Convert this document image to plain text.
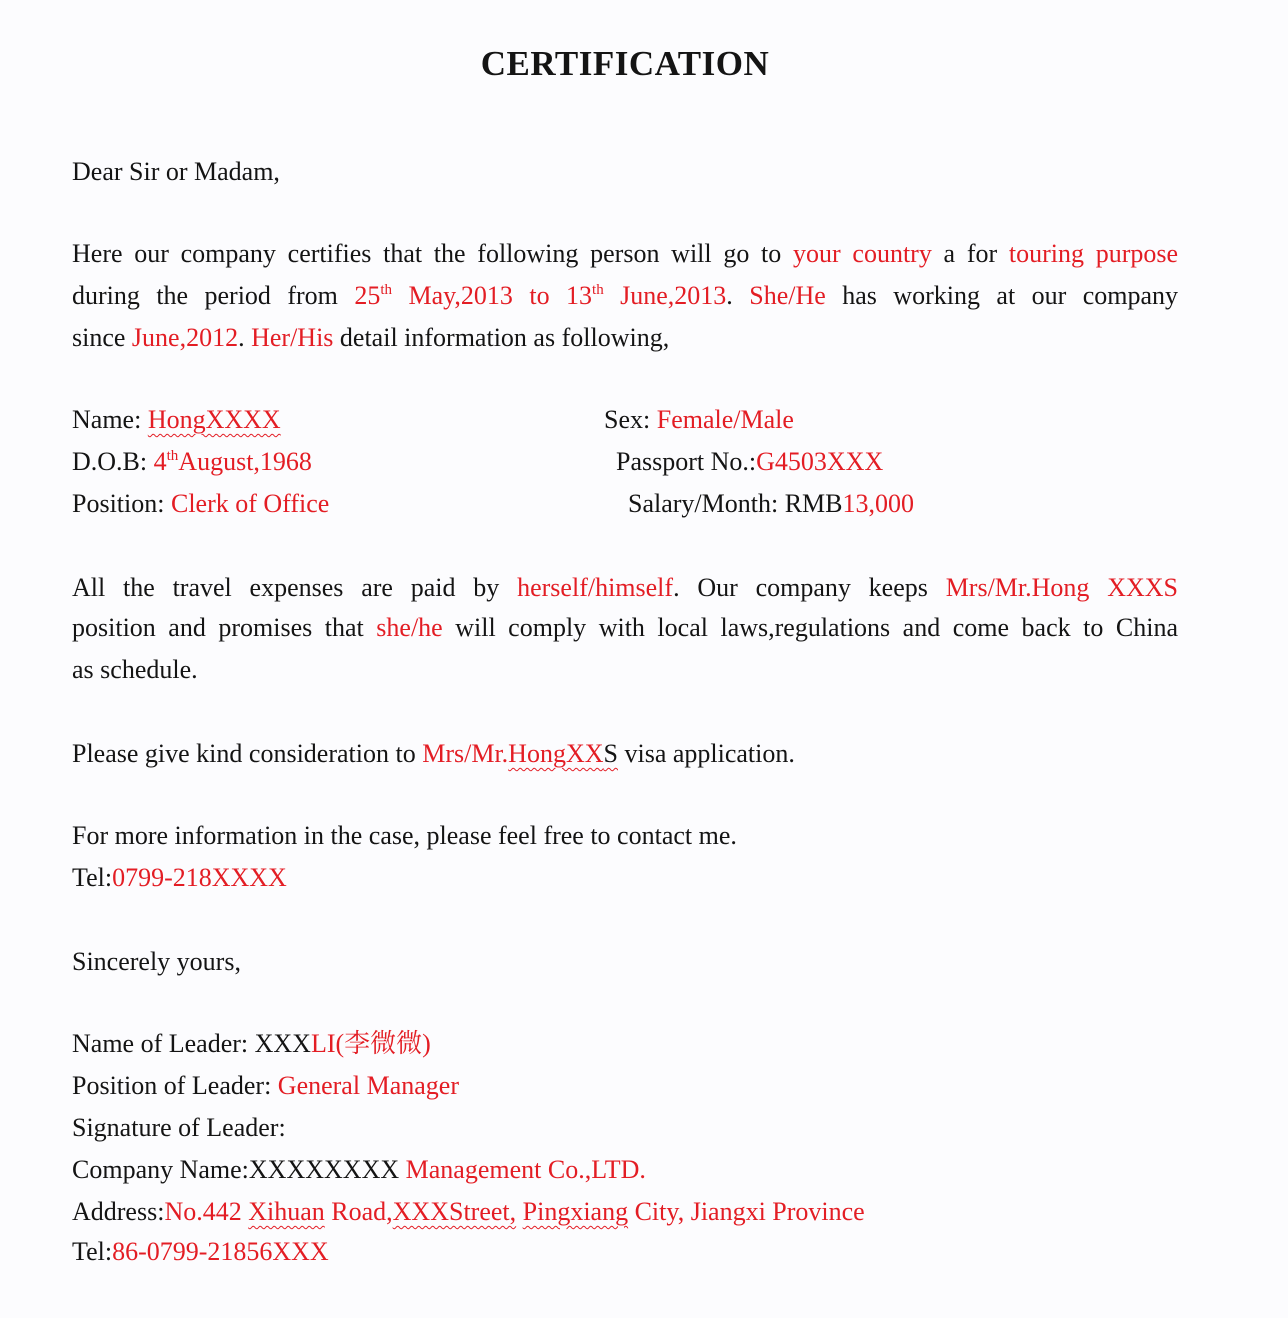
CERTIFICATION
Dear Sir or Madam,
Here our company certifies that the following person will go to your country a for touring purpose
during the period from 25th May,2013 to 13th June,2013. She/He has working at our company
since June,2012. Her/His detail information as following,
Name: HongXXXX	Sex: Female/Male
D.O.B: 4thAugust,1968	Passport No.:G4503XXX
Position: Clerk of Office	Salary/Month: RMB13,000
All the travel expenses are paid by herself/himself. Our company keeps Mrs/Mr.Hong XXXS
position and promises that she/he will comply with local laws,regulations and come back to China
as schedule.
Please give kind consideration to Mrs/Mr.HongXXS visa application.
For more information in the case, please feel free to contact me.
Tel:0799-218XXXX
Sincerely yours,
Name of Leader: XXXLI(李微微)
Position of Leader: General Manager
Signature of Leader:
Company Name:XXXXXXXX Management Co.,LTD.
Address:No.442 Xihuan Road,XXXStreet, Pingxiang City, Jiangxi Province
Tel:86-0799-21856XXX
